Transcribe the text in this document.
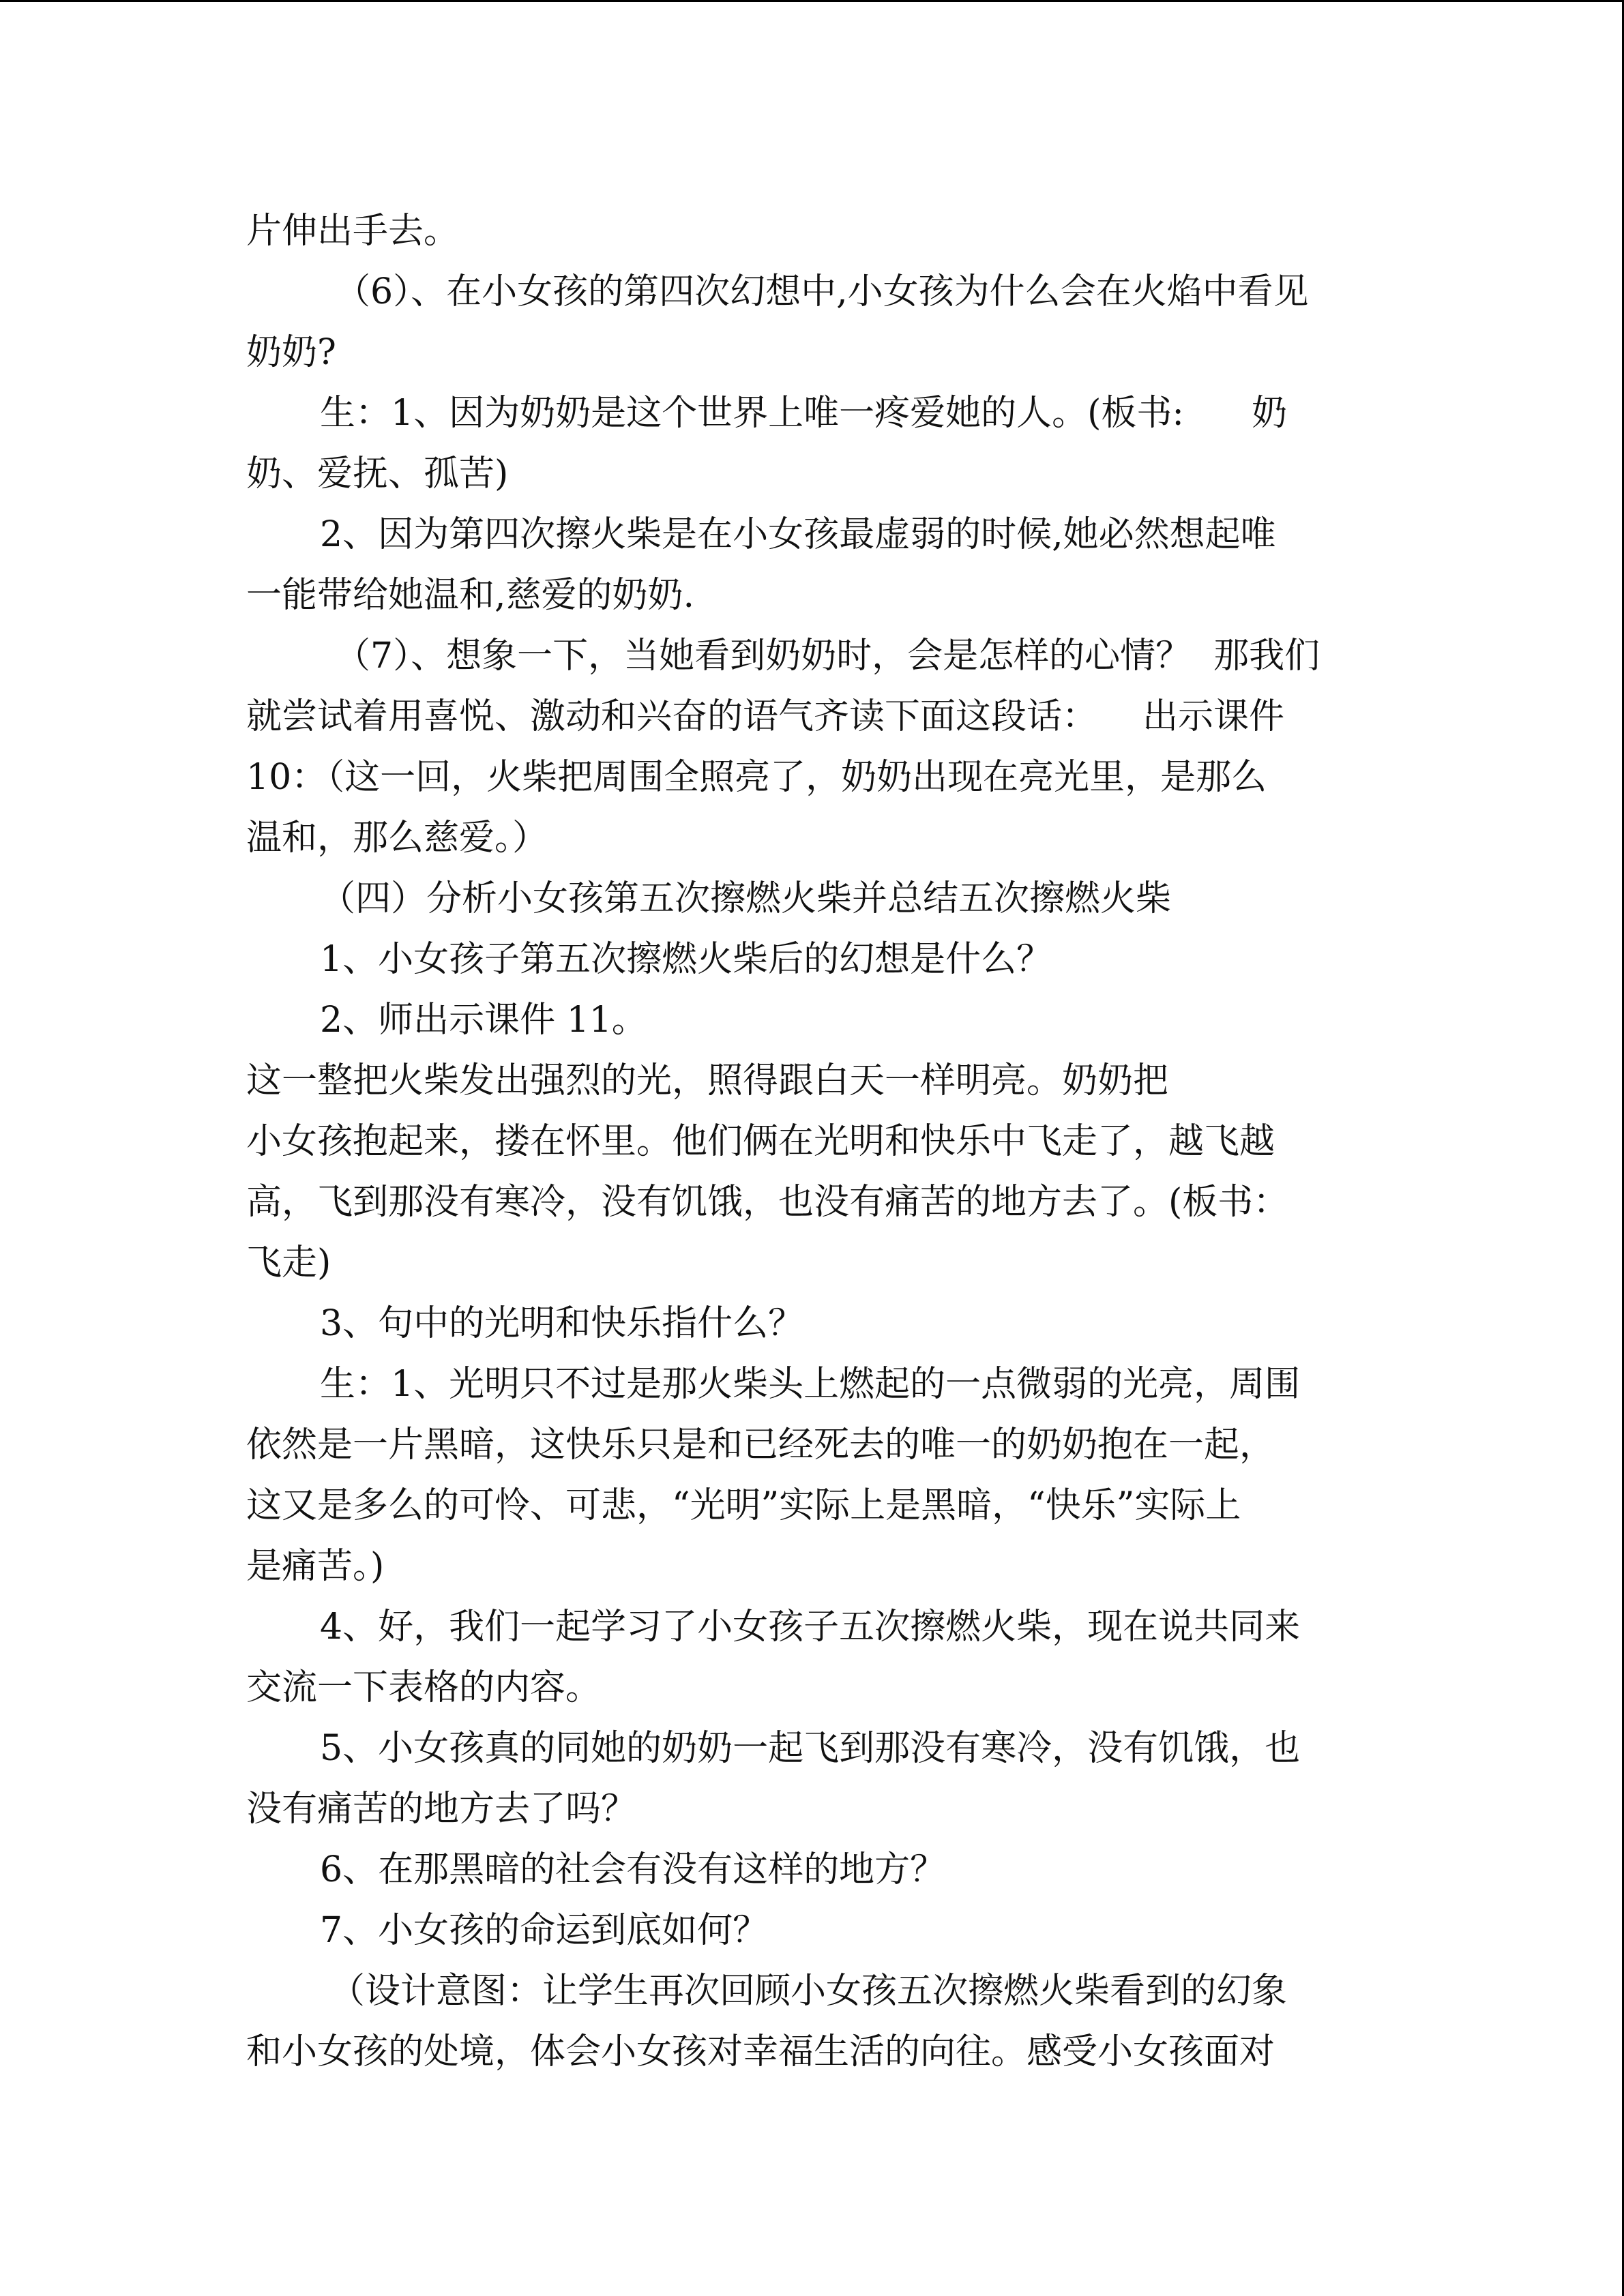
片伸出手去。
（6）、在小女孩的第四次幻想中,小女孩为什么会在火焰中看见
奶奶?
生：1、因为奶奶是这个世界上唯一疼爱她的人。(板书:      奶
奶、爱抚、孤苦)
2、因为第四次擦火柴是在小女孩最虚弱的时候,她必然想起唯
一能带给她温和,慈爱的奶奶.
（7）、想象一下，当她看到奶奶时，会是怎样的心情？  那我们
就尝试着用喜悦、激动和兴奋的语气齐读下面这段话：    出示课件
10：（这一回，火柴把周围全照亮了，奶奶出现在亮光里，是那么
温和，那么慈爱。）
（四）分析小女孩第五次擦燃火柴并总结五次擦燃火柴
1、小女孩子第五次擦燃火柴后的幻想是什么？
2、师出示课件 11。
这一整把火柴发出强烈的光，照得跟白天一样明亮。奶奶把
小女孩抱起来，搂在怀里。他们俩在光明和快乐中飞走了，越飞越
高，飞到那没有寒冷，没有饥饿，也没有痛苦的地方去了。(板书：
飞走)
3、句中的光明和快乐指什么？
生：1、光明只不过是那火柴头上燃起的一点微弱的光亮，周围
依然是一片黑暗，这快乐只是和已经死去的唯一的奶奶抱在一起，
这又是多么的可怜、可悲，“光明”实际上是黑暗，“快乐”实际上
是痛苦。)
4、好，我们一起学习了小女孩子五次擦燃火柴，现在说共同来
交流一下表格的内容。
5、小女孩真的同她的奶奶一起飞到那没有寒冷，没有饥饿，也
没有痛苦的地方去了吗？
6、在那黑暗的社会有没有这样的地方？
7、小女孩的命运到底如何？
（设计意图：让学生再次回顾小女孩五次擦燃火柴看到的幻象
和小女孩的处境，体会小女孩对幸福生活的向往。感受小女孩面对
